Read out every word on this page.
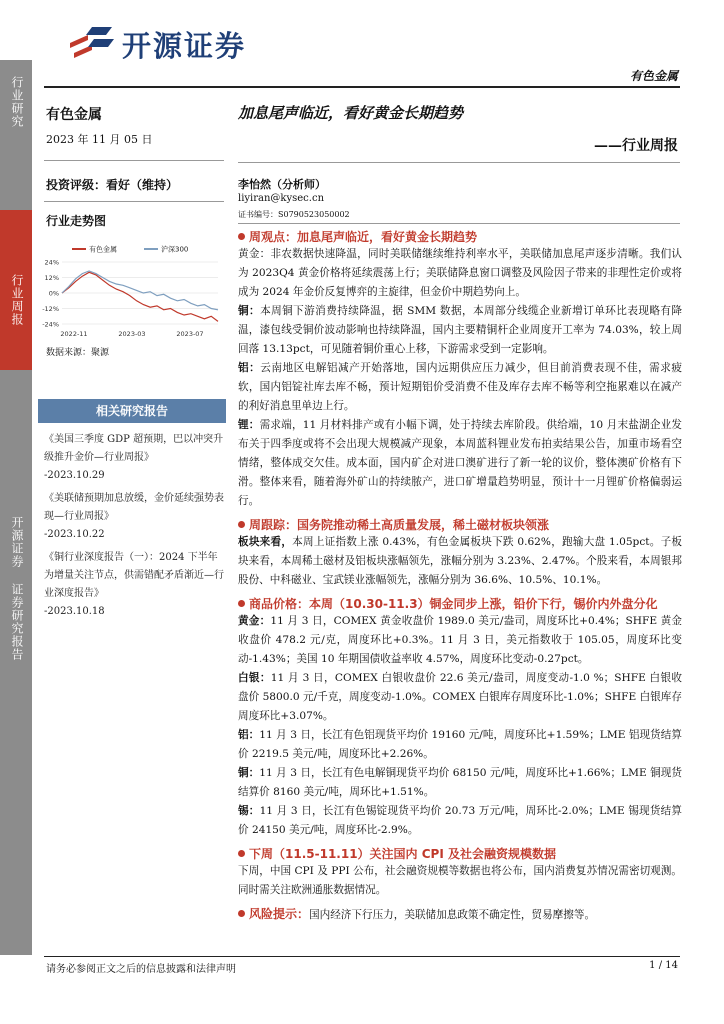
行业研究
行业周报
开源证券 证券研究报告
开源证券
有色金属
有色金属
2023 年 11 月 05 日
投资评级：看好（维持）
行业走势图
24%
12%
0%
-12%
-24%
2022-11	2023-03	2023-07
有色金属	沪深300
数据来源：聚源
相关研究报告
《美国三季度 GDP 超预期，巴以冲突升级推升金价—行业周报》
-2023.10.29
《美联储预期加息放缓，金价延续强势表现—行业周报》
-2023.10.22
《铜行业深度报告（一）：2024 下半年为增量关注节点，供需错配矛盾渐近—行业深度报告》
-2023.10.18
加息尾声临近，看好黄金长期趋势
——行业周报
李怡然（分析师）
liyiran@kysec.cn
证书编号：S0790523050002
周观点：加息尾声临近，看好黄金长期趋势
黄金：非农数据快速降温，同时美联储继续维持利率水平，美联储加息尾声逐步清晰。我们认为 2023Q4 黄金价格将延续震荡上行；美联储降息窗口调整及风险因子带来的非理性定价或将成为 2024 年金价反复博弈的主旋律，但金价中期趋势向上。
铜：本周铜下游消费持续降温，据 SMM 数据，本周部分线缆企业新增订单环比表现略有降温，漆包线受铜价波动影响也持续降温，国内主要精铜杆企业周度开工率为 74.03%，较上周回落 13.13pct，可见随着铜价重心上移，下游需求受到一定影响。
铝：云南地区电解铝减产开始落地，国内远期供应压力减少，但目前消费表现不佳，需求疲软，国内铝锭社库去库不畅，预计短期铝价受消费不佳及库存去库不畅等利空拖累难以在减产的利好消息里单边上行。
锂：需求端，11 月材料排产或有小幅下调，处于持续去库阶段。供给端，10 月末盐湖企业发布关于四季度或将不会出现大规模减产现象，本周蓝科锂业发布拍卖结果公告，加重市场看空情绪，整体成交欠佳。成本面，国内矿企对进口澳矿进行了新一轮的议价，整体澳矿价格有下滑。整体来看，随着海外矿山的持续脓产，进口矿增量趋势明显，预计十一月锂矿价格偏弱运行。
周跟踪：国务院推动稀土高质量发展，稀土磁材板块领涨
板块来看，本周上证指数上涨 0.43%，有色金属板块下跌 0.62%，跑输大盘 1.05pct。子板块来看，本周稀土磁材及铝板块涨幅领先，涨幅分别为 3.23%、2.47%。个股来看，本周银邦股份、中科磁业、宝武镁业涨幅领先，涨幅分别为 36.6%、10.5%、10.1%。
商品价格：本周（10.30-11.3）铜金同步上涨，铅价下行，锡价内外盘分化
黄金：11 月 3 日，COMEX 黄金收盘价 1989.0 美元/盎司，周度环比+0.4%；SHFE 黄金收盘价 478.2 元/克，周度环比+0.3%。11 月 3 日，美元指数收于 105.05，周度环比变动-1.43%；美国 10 年期国债收益率收 4.57%，周度环比变动-0.27pct。
白银：11 月 3 日，COMEX 白银收盘价 22.6 美元/盎司，周度变动-1.0 %；SHFE 白银收盘价 5800.0 元/千克，周度变动-1.0%。COMEX 白银库存周度环比-1.0%；SHFE 白银库存周度环比+3.07%。
铝：11 月 3 日，长江有色铝现货平均价 19160 元/吨，周度环比+1.59%；LME 铝现货结算价 2219.5 美元/吨，周度环比+2.26%。
铜：11 月 3 日，长江有色电解铜现货平均价 68150 元/吨，周度环比+1.66%；LME 铜现货结算价 8160 美元/吨，周环比+1.51%。
锡：11 月 3 日，长江有色锡锭现货平均价 20.73 万元/吨，周环比-2.0%；LME 锡现货结算价 24150 美元/吨，周度环比-2.9%。
下周（11.5-11.11）关注国内 CPI 及社会融资规模数据
下周，中国 CPI 及 PPI 公布，社会融资规模等数据也将公布，国内消费复苏情况需密切观测。同时需关注欧洲通胀数据情况。
风险提示：国内经济下行压力，美联储加息政策不确定性，贸易摩擦等。
请务必参阅正文之后的信息披露和法律声明	1 / 14
